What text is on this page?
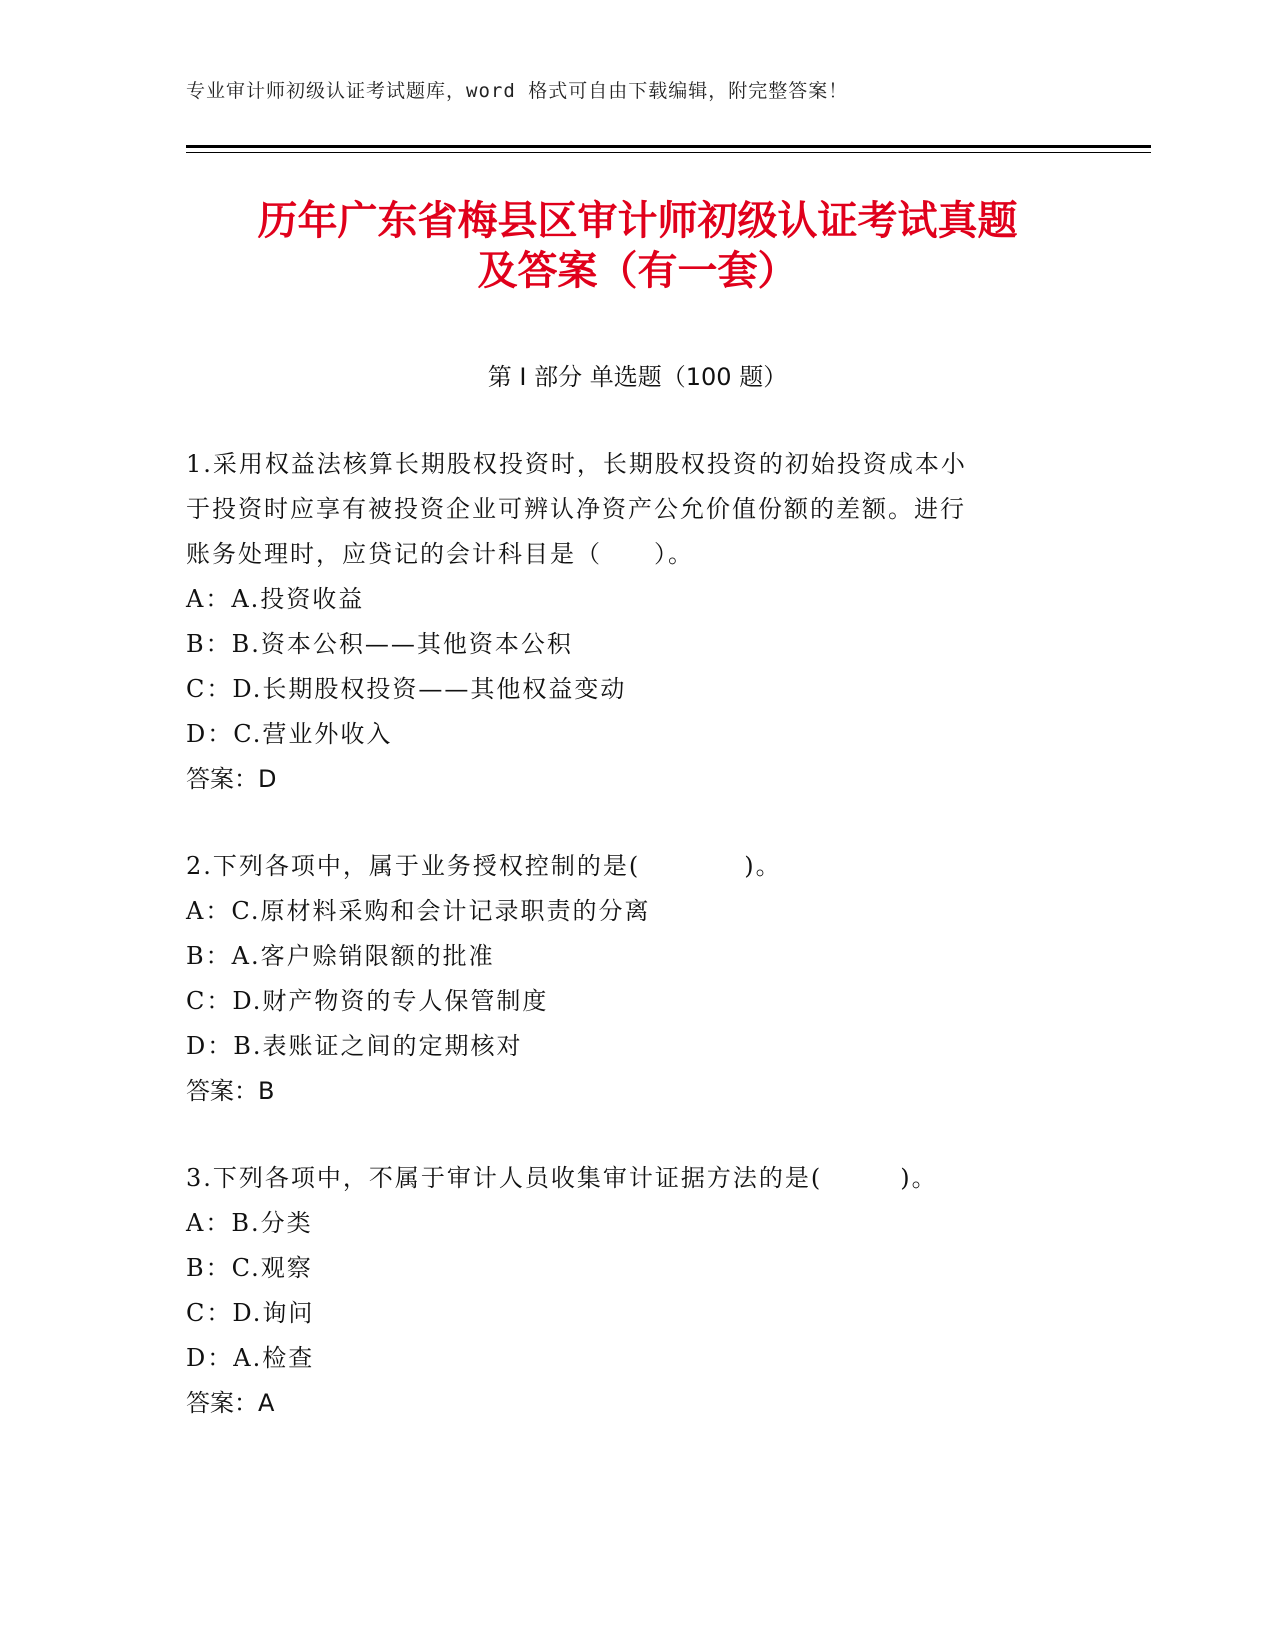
专业审计师初级认证考试题库，word 格式可自由下载编辑，附完整答案！
历年广东省梅县区审计师初级认证考试真题
及答案（有一套）
第 I 部分 单选题（100 题）
1.采用权益法核算长期股权投资时，长期股权投资的初始投资成本小
于投资时应享有被投资企业可辨认净资产公允价值份额的差额。进行
账务处理时，应贷记的会计科目是（　　）。
A：A.投资收益
B：B.资本公积——其他资本公积
C：D.长期股权投资——其他权益变动
D：C.营业外收入
答案：D
2.下列各项中，属于业务授权控制的是(　　　　)。
A：C.原材料采购和会计记录职责的分离
B：A.客户赊销限额的批准
C：D.财产物资的专人保管制度
D：B.表账证之间的定期核对
答案：B
3.下列各项中，不属于审计人员收集审计证据方法的是(　　　)。
A：B.分类
B：C.观察
C：D.询问
D：A.检查
答案：A
